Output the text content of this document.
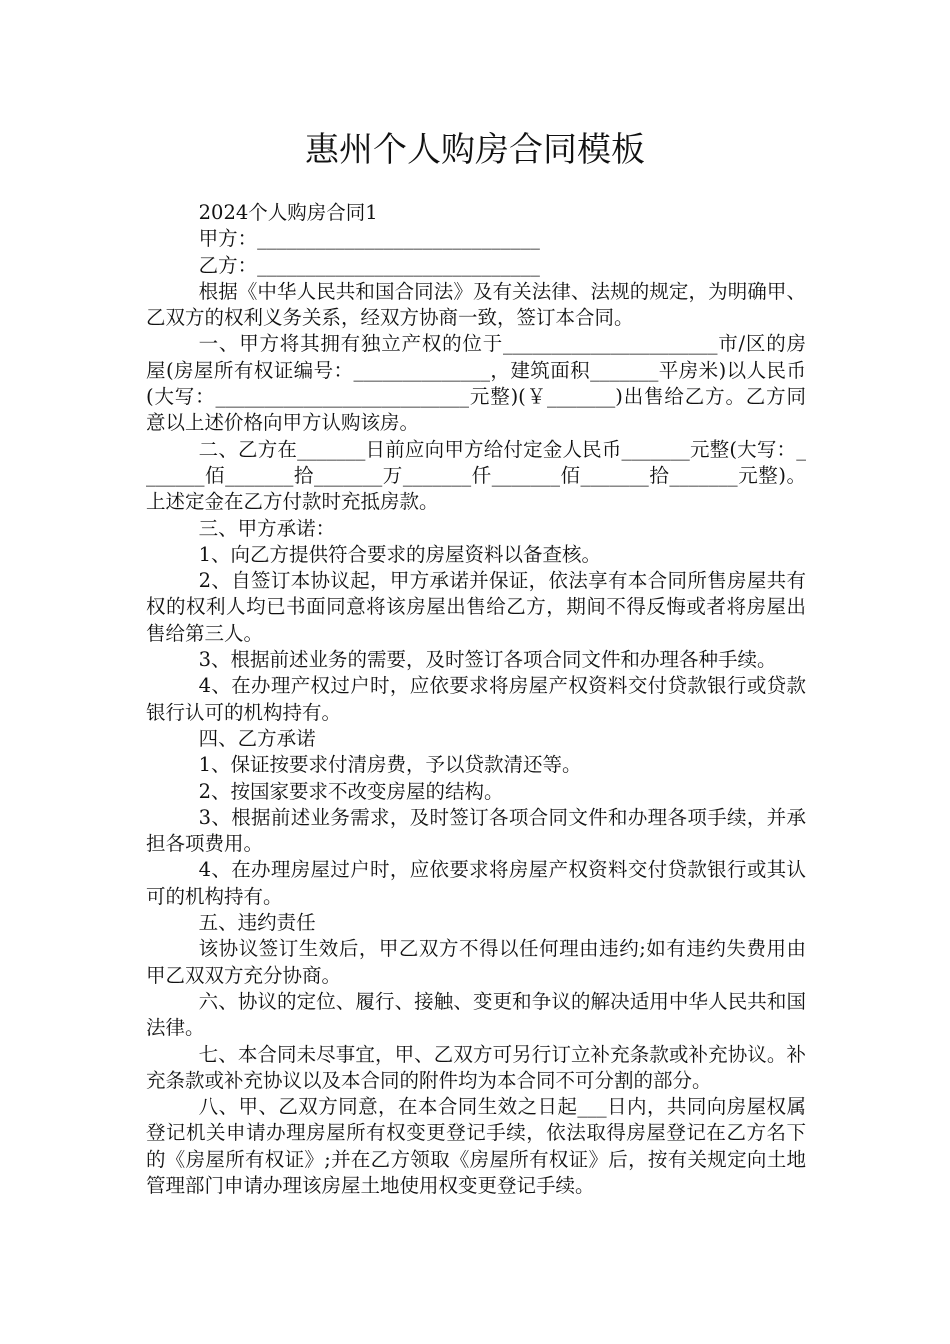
惠州个人购房合同模板

2024个人购房合同1

甲方：_____________________________

乙方：_____________________________

根据《中华人民共和国合同法》及有关法律、法规的规定，为明确甲、乙双方的权利义务关系，经双方协商一致，签订本合同。

一、甲方将其拥有独立产权的位于______________________市/区的房屋(房屋所有权证编号：______________，建筑面积_______平房米)以人民币(大写：__________________________元整)(￥_______)出售给乙方。乙方同意以上述价格向甲方认购该房。

二、乙方在_______日前应向甲方给付定金人民币_______元整(大写：_______佰_______拾_______万_______仟_______佰_______拾_______元整)。上述定金在乙方付款时充抵房款。

三、甲方承诺：

1、向乙方提供符合要求的房屋资料以备查核。

2、自签订本协议起，甲方承诺并保证，依法享有本合同所售房屋共有权的权利人均已书面同意将该房屋出售给乙方，期间不得反悔或者将房屋出售给第三人。

3、根据前述业务的需要，及时签订各项合同文件和办理各种手续。

4、在办理产权过户时，应依要求将房屋产权资料交付贷款银行或贷款银行认可的机构持有。

四、乙方承诺

1、保证按要求付清房费，予以贷款清还等。

2、按国家要求不改变房屋的结构。

3、根据前述业务需求，及时签订各项合同文件和办理各项手续，并承担各项费用。

4、在办理房屋过户时，应依要求将房屋产权资料交付贷款银行或其认可的机构持有。

五、违约责任

该协议签订生效后，甲乙双方不得以任何理由违约;如有违约失费用由甲乙双双方充分协商。

六、协议的定位、履行、接触、变更和争议的解决适用中华人民共和国法律。

七、本合同未尽事宜，甲、乙双方可另行订立补充条款或补充协议。补充条款或补充协议以及本合同的附件均为本合同不可分割的部分。

八、甲、乙双方同意，在本合同生效之日起___日内，共同向房屋权属登记机关申请办理房屋所有权变更登记手续，依法取得房屋登记在乙方名下的《房屋所有权证》;并在乙方领取《房屋所有权证》后，按有关规定向土地管理部门申请办理该房屋土地使用权变更登记手续。
